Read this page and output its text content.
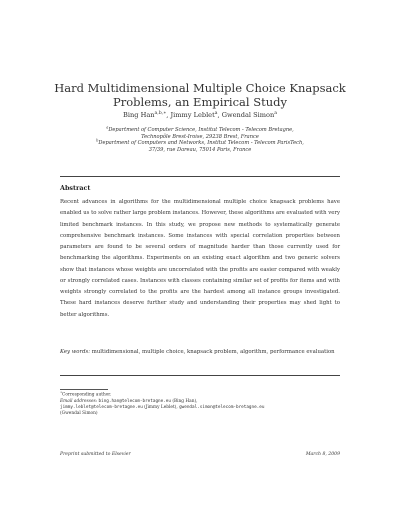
Hard Multidimensional Multiple Choice Knapsack
Problems, an Empirical Study
Bing Han$^{a,b,∗}$, Jimmy Leblet$^a$, Gwendal Simon$^a$
$^a$Department of Computer Science, Institut Telecom - Telecom Bretagne,
Technopôle Brest-Iroise, 29238 Brest, France
$^b$Department of Computers and Networks, Institut Telecom - Telecom ParisTech,
37/39, rue Dareau, 75014 Paris, France
Abstract
Recent advances in algorithms for the multidimensional multiple choice knapsack problems have enabled us to solve rather large problem instances. However, these algorithms are evaluated with very limited benchmark instances. In this study, we propose new methods to systematically generate comprehensive benchmark instances. Some instances with special correlation properties between parameters are found to be several orders of magnitude harder than those currently used for benchmarking the algorithms. Experiments on an existing exact algorithm and two generic solvers show that instances whose weights are uncorrelated with the profits are easier compared with weakly or strongly correlated cases. Instances with classes containing similar set of profits for items and with weights strongly correlated to the profits are the hardest among all instance groups investigated. These hard instances deserve further study and understanding their properties may shed light to better algorithms.
Key words: multidimensional, multiple choice, knapsack problem, algorithm, performance evaluation
∗Corresponding author.
Email addresses: bing.han@telecom-bretagne.eu (Bing Han),
jimmy.leblet@telecom-bretagne.eu (Jimmy Leblet), gwendal.simon@telecom-bretagne.eu
(Gwendal Simon)
Preprint submitted to Elsevier	March 8, 2009
